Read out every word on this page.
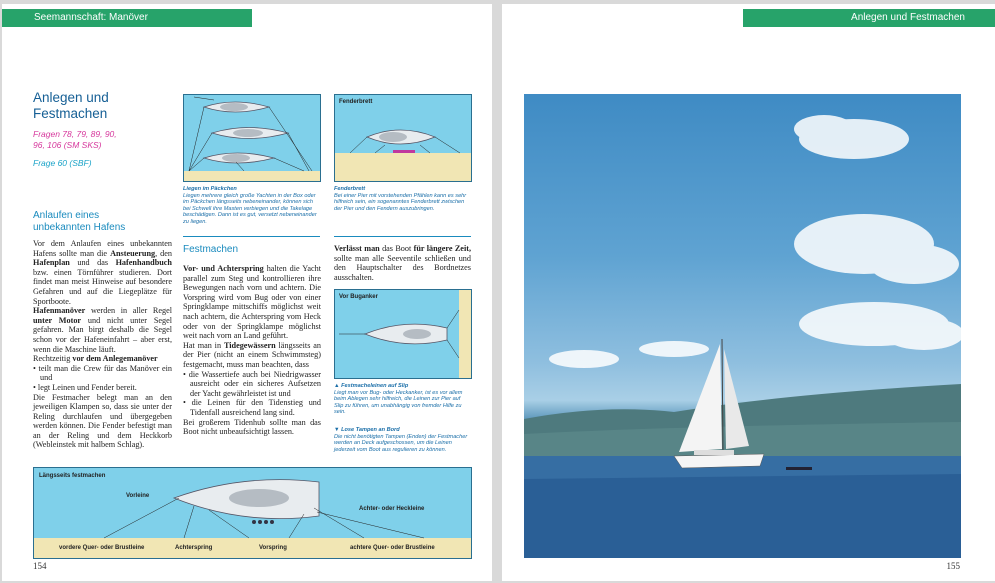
Seemannschaft: Manöver
Anlegen und Festmachen
Fragen 78, 79, 89, 90,
96, 106 (SM SKS)
Frage 60 (SBF)
Anlaufen eines unbekannten Hafens

Vor dem Anlaufen eines unbekannten Hafens sollte man die Ansteuerung, den Hafenplan und das Hafenhandbuch bzw. einen Törnführer studieren. Dort findet man meist Hinweise auf besondere Gefahren und auf die Liegeplätze für Sportboote.

Hafenmanöver werden in aller Regel unter Motor und nicht unter Segel gefahren. Man birgt deshalb die Segel schon vor der Hafeneinfahrt – aber erst, wenn die Maschine läuft.

Rechtzeitig vor dem Anlegemanöver

• teilt man die Crew für das Manöver ein und
• legt Leinen und Fender bereit.

Die Festmacher belegt man an den jeweiligen Klampen so, dass sie unter der Reling durchlaufen und übergegeben werden können. Die Fender befestigt man an der Reling und dem Heckkorb (Webleinstek mit halbem Schlag).

Liegen im Päckchen
Liegen mehrere gleich große Yachten in der Box oder im Päckchen längsseits nebeneinander, können sich bei Schwell ihre Masten verbiegen und die Takelage beschädigen. Dann ist es gut, versetzt nebeneinander zu liegen.
Fenderbrett
Fenderbrett
Bei einer Pier mit vorstehenden Pfählen kann es sehr hilfreich sein, ein sogenanntes Fenderbrett zwischen der Pier und den Fendern auszubringen.
Festmachen

Vor- und Achterspring halten die Yacht parallel zum Steg und kontrollieren ihre Bewegungen nach vorn und achtern. Die Vorspring wird vom Bug oder von einer Springklampe mittschiffs möglichst weit nach achtern, die Achterspring vom Heck oder von der Springklampe möglichst weit nach vorn an Land geführt.

Hat man in Tidegewässern längsseits an der Pier (nicht an einem Schwimmsteg) festgemacht, muss man beachten, dass

• die Wassertiefe auch bei Niedrigwasser ausreicht oder ein sicheres Aufsetzen der Yacht gewährleistet ist und
• die Leinen für den Tidenstieg und Tidenfall ausreichend lang sind.

Bei großerem Tidenhub sollte man das Boot nicht unbeaufsichtigt lassen.

Verlässt man das Boot für längere Zeit, sollte man alle Seeventile schließen und den Hauptschalter des Bordnetzes ausschalten.

Vor Buganker
▲ Festmacheleinen auf Slip
Liegt man vor Bug- oder Heckanker, ist es vor allem beim Ablegen sehr hilfreich, die Leinen zur Pier auf Slip zu führen, um unabhängig von fremder Hilfe zu sein.
▼ Lose Tampen an Bord
Die nicht benötigten Tampen (Enden) der Festmacher werden an Deck aufgeschossen, um die Leinen jederzeit vom Boot aus regulieren zu können.
Längsseits festmachen
Vorleine
Achter- oder Heckleine
vordere Quer- oder Brustleine	Achterspring	Vorspring	achtere Quer- oder Brustleine
154
Anlegen und Festmachen
155
